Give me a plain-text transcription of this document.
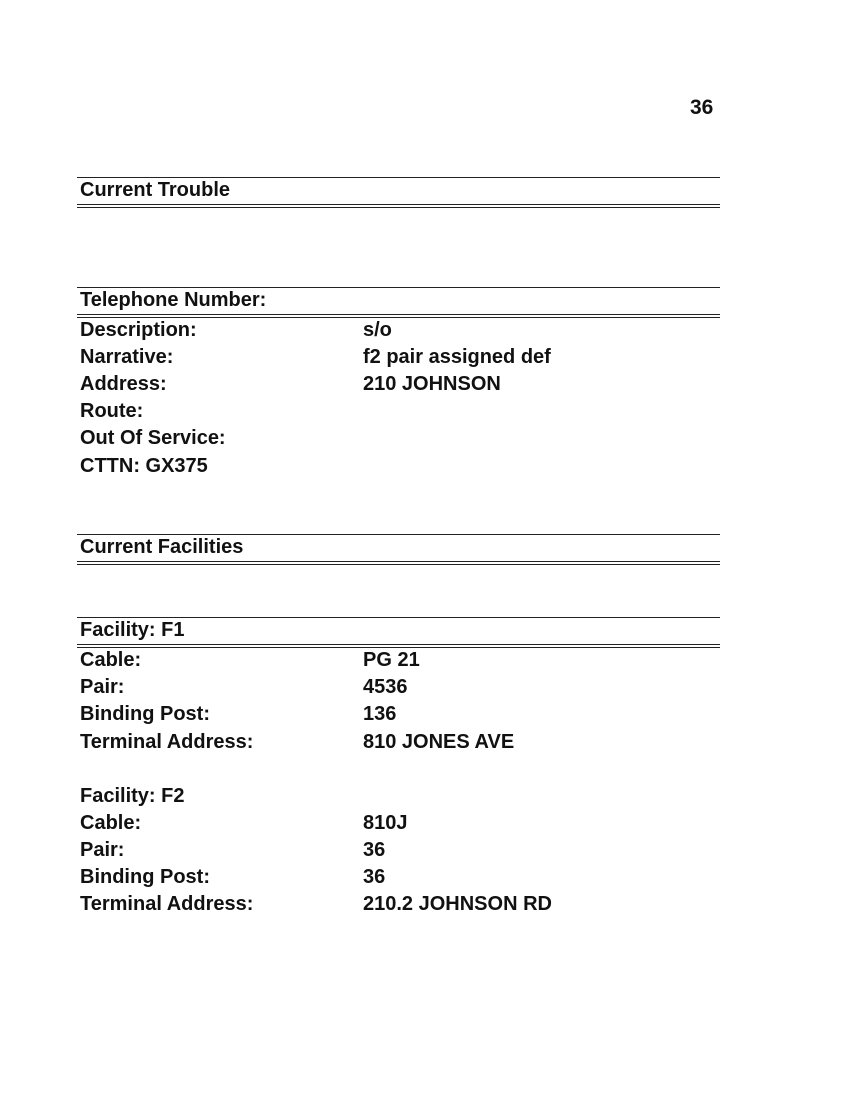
36
Current Trouble
Telephone Number:
Description:	s/o
Narrative:	f2 pair assigned def
Address:	210 JOHNSON
Route:
Out Of Service:
CTTN: GX375
Current Facilities
Facility: F1
Cable:	PG 21
Pair:	4536
Binding Post:	136
Terminal Address:	810 JONES AVE
Facility: F2
Cable:	810J
Pair:	36
Binding Post:	36
Terminal Address:	210.2 JOHNSON RD
